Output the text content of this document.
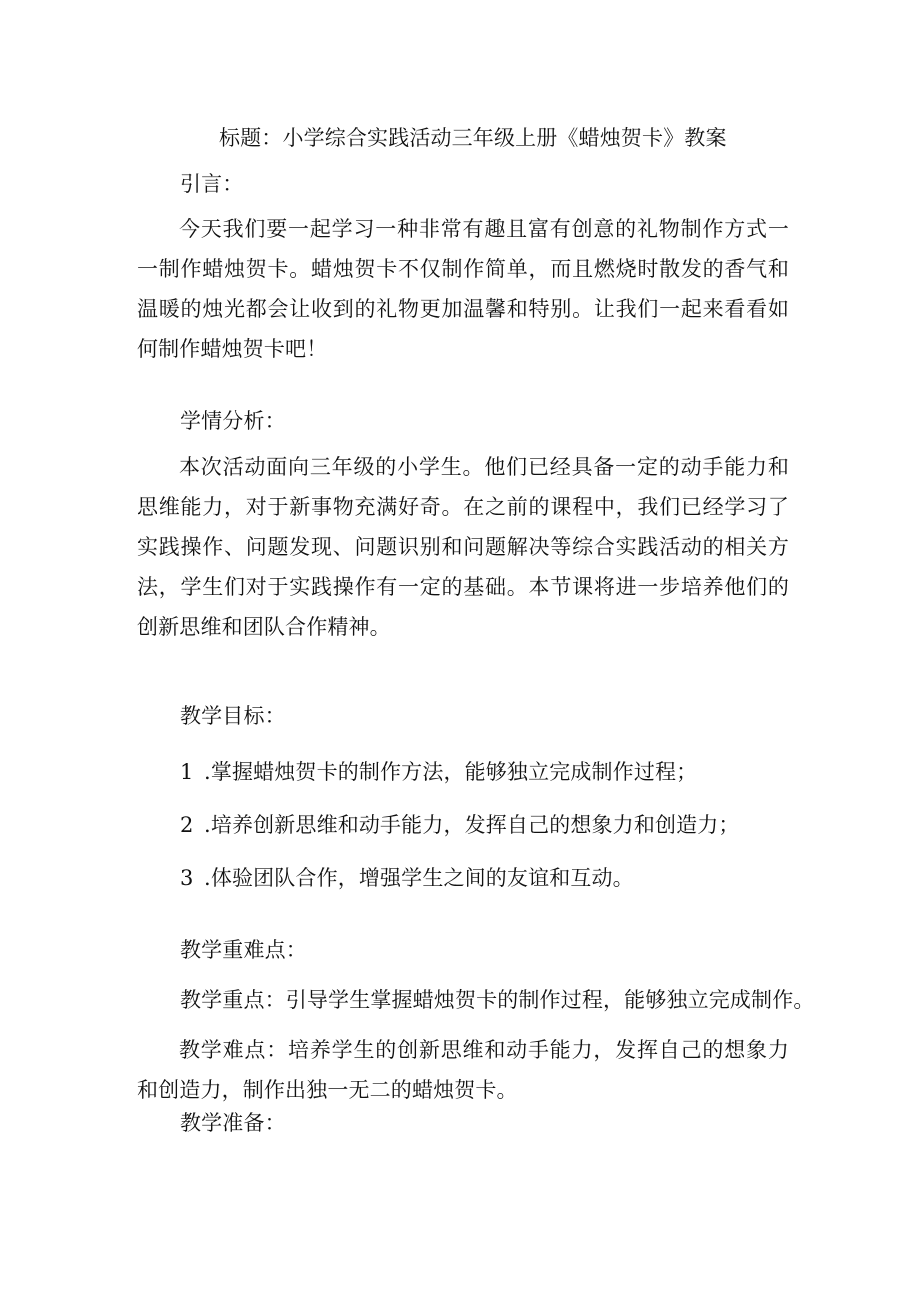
标题：小学综合实践活动三年级上册《蜡烛贺卡》教案
引言：
今天我们要一起学习一种非常有趣且富有创意的礼物制作方式一一制作蜡烛贺卡。蜡烛贺卡不仅制作简单，而且燃烧时散发的香气和温暖的烛光都会让收到的礼物更加温馨和特别。让我们一起来看看如何制作蜡烛贺卡吧！
学情分析：
本次活动面向三年级的小学生。他们已经具备一定的动手能力和思维能力，对于新事物充满好奇。在之前的课程中，我们已经学习了实践操作、问题发现、问题识别和问题解决等综合实践活动的相关方法，学生们对于实践操作有一定的基础。本节课将进一步培养他们的创新思维和团队合作精神。
教学目标：
1 .掌握蜡烛贺卡的制作方法，能够独立完成制作过程；
2 .培养创新思维和动手能力，发挥自己的想象力和创造力；
3 .体验团队合作，增强学生之间的友谊和互动。
教学重难点：
教学重点：引导学生掌握蜡烛贺卡的制作过程，能够独立完成制作。
教学难点：培养学生的创新思维和动手能力，发挥自己的想象力和创造力，制作出独一无二的蜡烛贺卡。
教学准备：
